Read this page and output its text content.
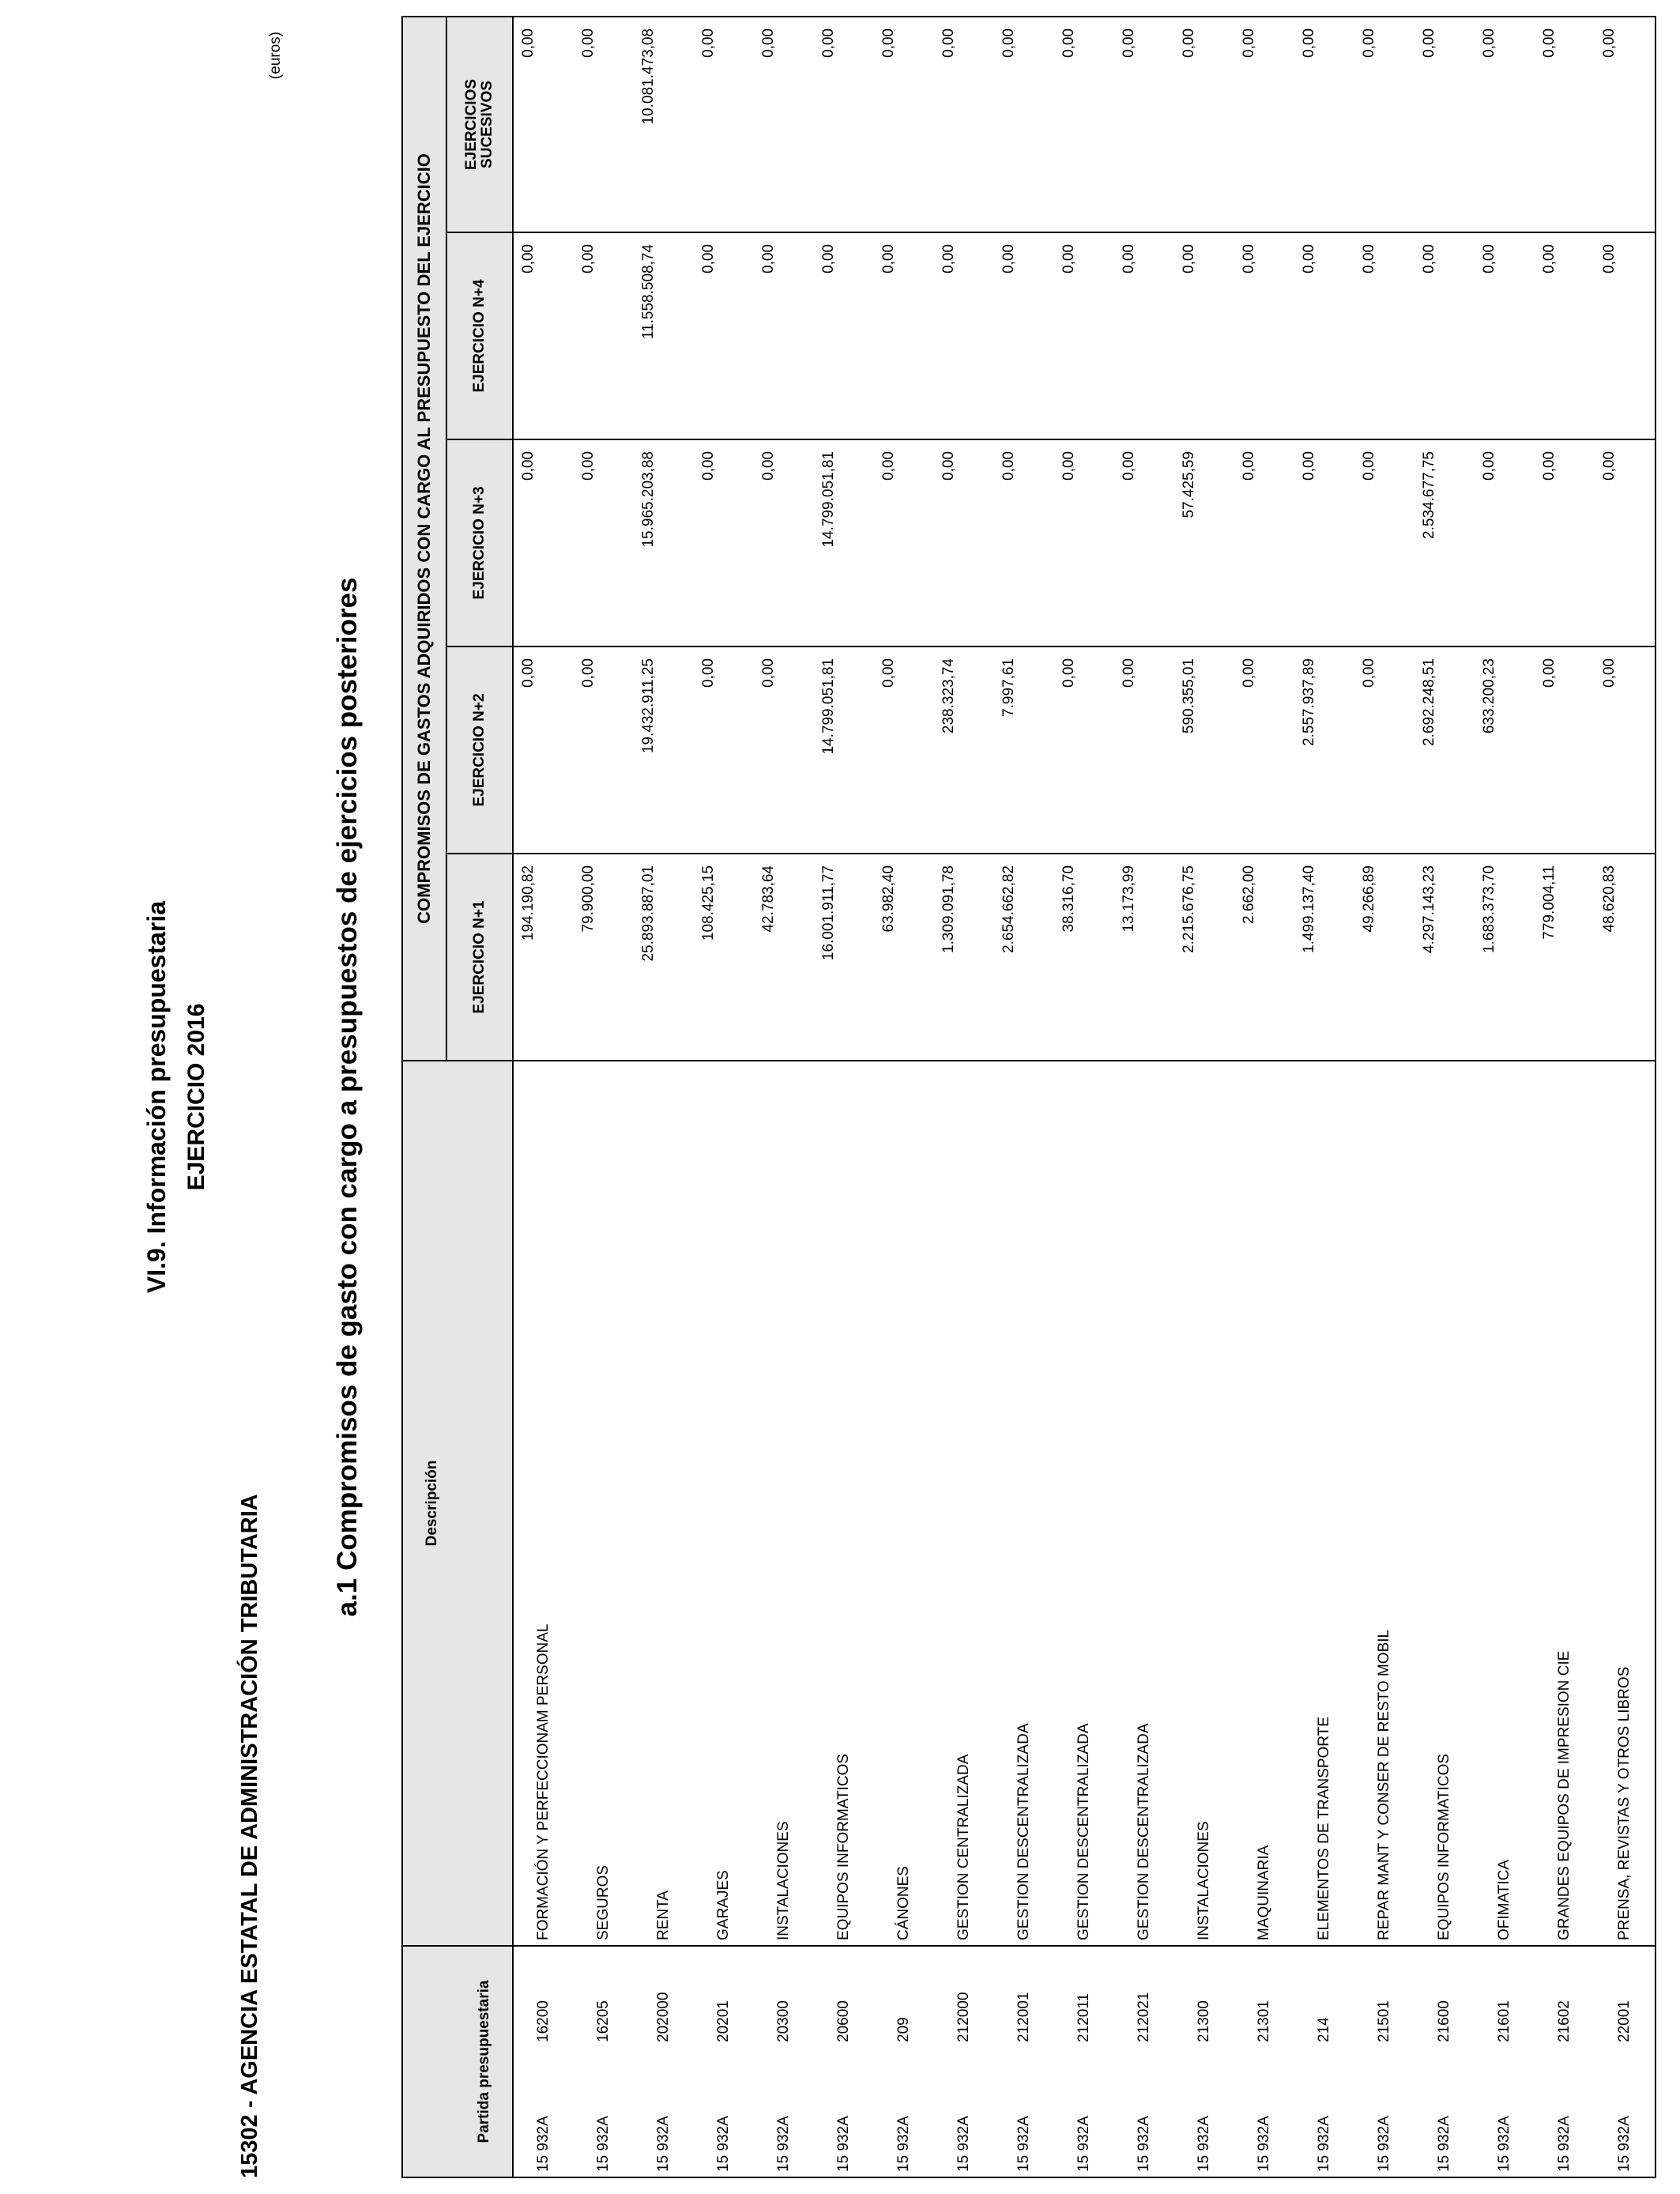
VI.9. Información presupuestaria EJERCICIO 2016
15302 - AGENCIA ESTATAL DE ADMINISTRACIÓN TRIBUTARIA
(euros)
a.1 Compromisos de gasto con cargo a presupuestos de ejercicios posteriores
Partida presupuestaria		Descripción	COMPROMISOS DE GASTOS ADQUIRIDOS CON CARGO AL PRESUPUESTO DEL EJERCICIO				
			EJERCICIO N+1	EJERCICIO N+2	EJERCICIO N+3	EJERCICIO N+4	EJERCICIOS SUCESIVOS
15 932A	16200	FORMACIÓN Y PERFECCIONAM PERSONAL	194.190,82	0,00	0,00	0,00	0,00
15 932A	16205	SEGUROS	79.900,00	0,00	0,00	0,00	0,00
15 932A	202000	RENTA	25.893.887,01	19.432.911,25	15.965.203,88	11.558.508,74	10.081.473,08
15 932A	20201	GARAJES	108.425,15	0,00	0,00	0,00	0,00
15 932A	20300	INSTALACIONES	42.783,64	0,00	0,00	0,00	0,00
15 932A	20600	EQUIPOS INFORMATICOS	16.001.911,77	14.799.051,81	14.799.051,81	0,00	0,00
15 932A	209	CÁNONES	63.982,40	0,00	0,00	0,00	0,00
15 932A	212000	GESTION CENTRALIZADA	1.309.091,78	238.323,74	0,00	0,00	0,00
15 932A	212001	GESTION DESCENTRALIZADA	2.654.662,82	7.997,61	0,00	0,00	0,00
15 932A	212011	GESTION DESCENTRALIZADA	38.316,70	0,00	0,00	0,00	0,00
15 932A	212021	GESTION DESCENTRALIZADA	13.173,99	0,00	0,00	0,00	0,00
15 932A	21300	INSTALACIONES	2.215.676,75	590.355,01	57.425,59	0,00	0,00
15 932A	21301	MAQUINARIA	2.662,00	0,00	0,00	0,00	0,00
15 932A	214	ELEMENTOS DE TRANSPORTE	1.499.137,40	2.557.937,89	0,00	0,00	0,00
15 932A	21501	REPAR MANT Y CONSER DE RESTO MOBIL	49.266,89	0,00	0,00	0,00	0,00
15 932A	21600	EQUIPOS INFORMATICOS	4.297.143,23	2.692.248,51	2.534.677,75	0,00	0,00
15 932A	21601	OFIMATICA	1.683.373,70	633.200,23	0,00	0,00	0,00
15 932A	21602	GRANDES EQUIPOS DE IMPRESION CIE	779.004,11	0,00	0,00	0,00	0,00
15 932A	22001	PRENSA, REVISTAS Y OTROS LIBROS	48.620,83	0,00	0,00	0,00	0,00
